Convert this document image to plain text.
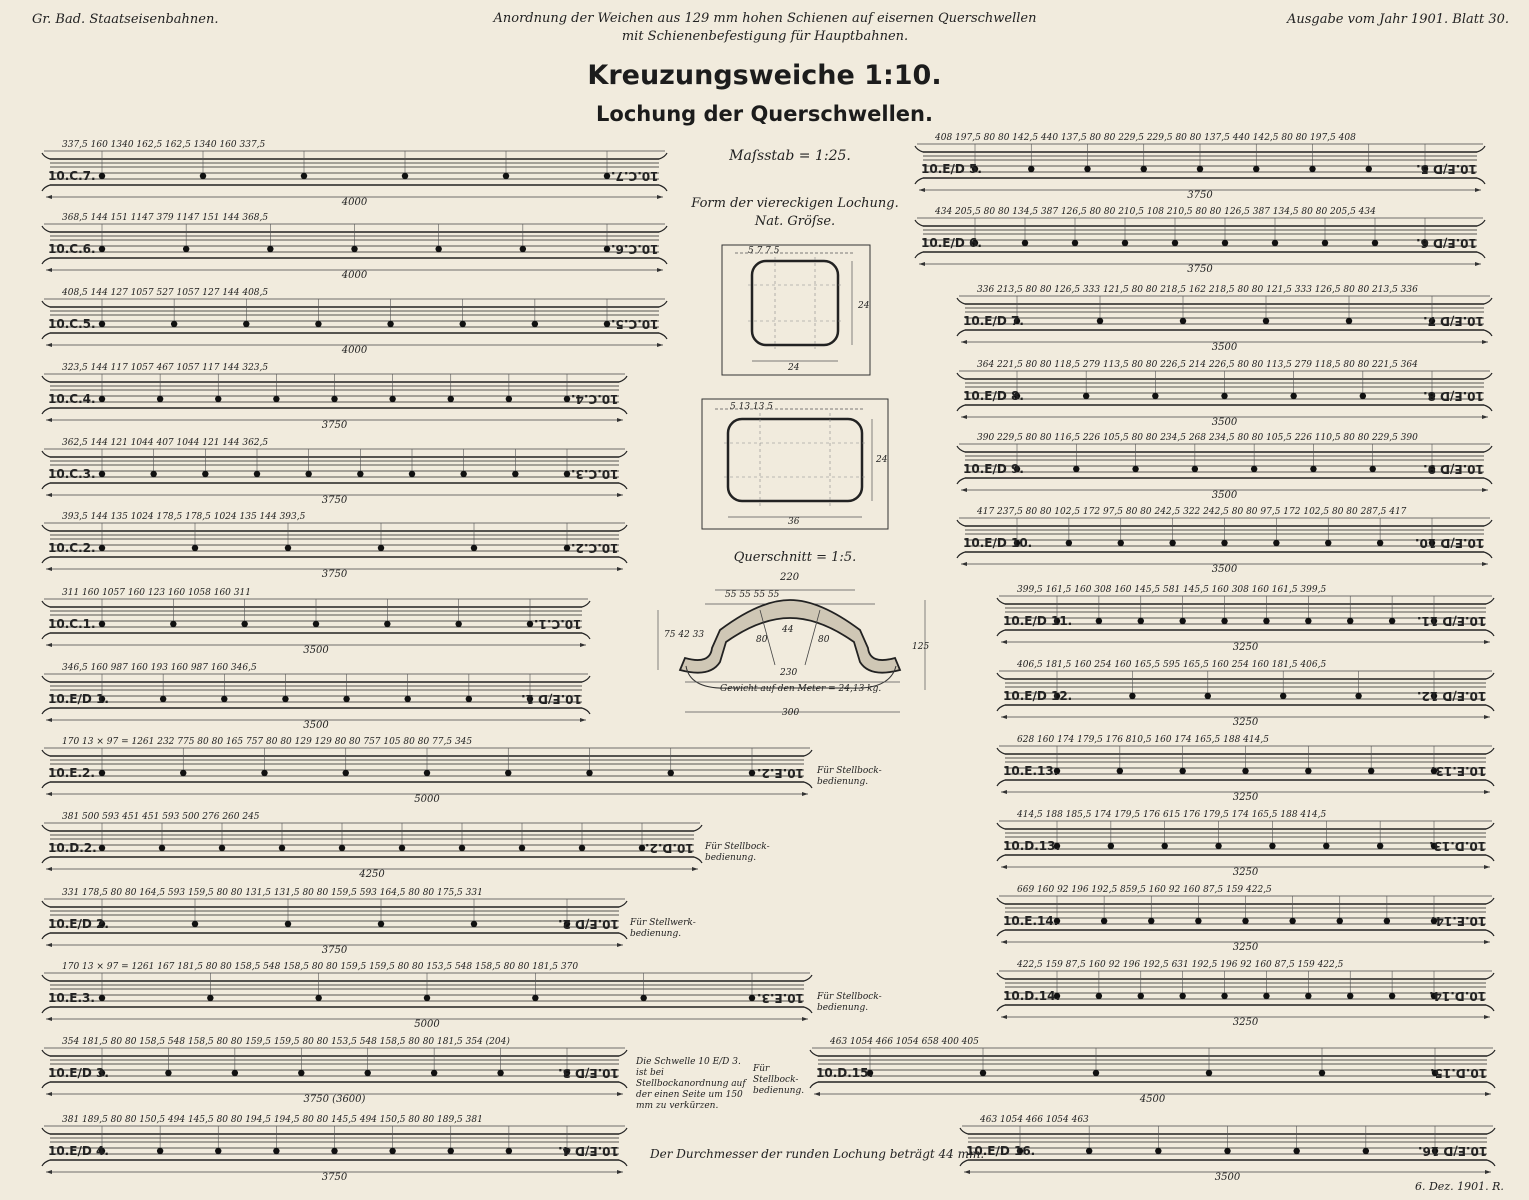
Gr. Bad. Staatseisenbahnen.	Anordnung der Weichen aus 129 mm hohen Schienen auf eisernen Querschwellen
mit Schienenbefestigung für Hauptbahnen.
Ausgabe vom Jahr 1901. Blatt 30.
Kreuzungsweiche 1:10.
Lochung der Querschwellen.
Maſsstab = 1:25.
Form der viereckigen Lochung.
Nat. Gröſse.
5 7 7 5
24
24
5 13 13 5
24
36
Querschnitt = 1:5.
220
55 55 55 55
44
80	80
75 42 33
125
230
Gewicht auf den Meter = 24,13 kg.
300
10.C.7.	10.C.7.
337,5 160 1340 162,5 162,5 1340 160 337,5
4000
10.C.6.	10.C.6.
368,5 144 151 1147 379 1147 151 144 368,5
4000
10.C.5.	10.C.5.
408,5 144 127 1057 527 1057 127 144 408,5
4000
10.C.4.	10.C.4.
323,5 144 117 1057 467 1057 117 144 323,5
3750
10.C.3.	10.C.3.
362,5 144 121 1044 407 1044 121 144 362,5
3750
10.C.2.	10.C.2.
393,5 144 135 1024 178,5 178,5 1024 135 144 393,5
3750
10.C.1.	10.C.1.
311 160 1057 160 123 160 1058 160 311
3500
10.E/D 1.	10.E/D 1.
346,5 160 987 160 193 160 987 160 346,5
3500
10.E.2.	10.E.2.
170 13 × 97 = 1261 232 775 80 80 165 757 80 80 129 129 80 80 757 105 80 80 77,5 345
5000
10.D.2.	10.D.2.
381 500 593 451 451 593 500 276 260 245
4250
10.E/D 2.	10.E/D 2.
331 178,5 80 80 164,5 593 159,5 80 80 131,5 131,5 80 80 159,5 593 164,5 80 80 175,5 331
3750
10.E.3.	10.E.3.
170 13 × 97 = 1261 167 181,5 80 80 158,5 548 158,5 80 80 159,5 159,5 80 80 153,5 548 158,5 80 80 181,5 370
5000
10.E/D 3.	10.E/D 3.
354 181,5 80 80 158,5 548 158,5 80 80 159,5 159,5 80 80 153,5 548 158,5 80 80 181,5 354 (204)
3750 (3600)
10.E/D 4.	10.E/D 4.
381 189,5 80 80 150,5 494 145,5 80 80 194,5 194,5 80 80 145,5 494 150,5 80 80 189,5 381
3750
10.E/D 5.	10.E/D 5.
408 197,5 80 80 142,5 440 137,5 80 80 229,5 229,5 80 80 137,5 440 142,5 80 80 197,5 408
3750
10.E/D 6.	10.E/D 6.
434 205,5 80 80 134,5 387 126,5 80 80 210,5 108 210,5 80 80 126,5 387 134,5 80 80 205,5 434
3750
10.E/D 7.	10.E/D 7.
336 213,5 80 80 126,5 333 121,5 80 80 218,5 162 218,5 80 80 121,5 333 126,5 80 80 213,5 336
3500
10.E/D 8.	10.E/D 8.
364 221,5 80 80 118,5 279 113,5 80 80 226,5 214 226,5 80 80 113,5 279 118,5 80 80 221,5 364
3500
10.E/D 9.	10.E/D 9.
390 229,5 80 80 116,5 226 105,5 80 80 234,5 268 234,5 80 80 105,5 226 110,5 80 80 229,5 390
3500
10.E/D 10.	10.E/D 10.
417 237,5 80 80 102,5 172 97,5 80 80 242,5 322 242,5 80 80 97,5 172 102,5 80 80 287,5 417
3500
10.E/D 11.	10.E/D 11.
399,5 161,5 160 308 160 145,5 581 145,5 160 308 160 161,5 399,5
3250
10.E/D 12.	10.E/D 12.
406,5 181,5 160 254 160 165,5 595 165,5 160 254 160 181,5 406,5
3250
10.E.13.	10.E.13.
628 160 174 179,5 176 810,5 160 174 165,5 188 414,5
3250
10.D.13.	10.D.13.
414,5 188 185,5 174 179,5 176 615 176 179,5 174 165,5 188 414,5
3250
10.E.14.	10.E.14.
669 160 92 196 192,5 859,5 160 92 160 87,5 159 422,5
3250
10.D.14.	10.D.14.
422,5 159 87,5 160 92 196 192,5 631 192,5 196 92 160 87,5 159 422,5
3250
10.D.15.	10.D.15.
463 1054 466 1054 658 400 405
4500
10.E/D 16.	10.E/D 16.
463 1054 466 1054 463
3500
Für Stellbock-bedienung.
Für Stellbock-bedienung.
Für Stellwerk-bedienung.
Für Stellbock-bedienung.
Für Stellbock-bedienung.
Die Schwelle 10 E/D 3. ist bei Stellbockanordnung auf der einen Seite um 150 mm zu verkürzen.
Der Durchmesser der runden Lochung beträgt 44 mm.
6. Dez. 1901. R.
